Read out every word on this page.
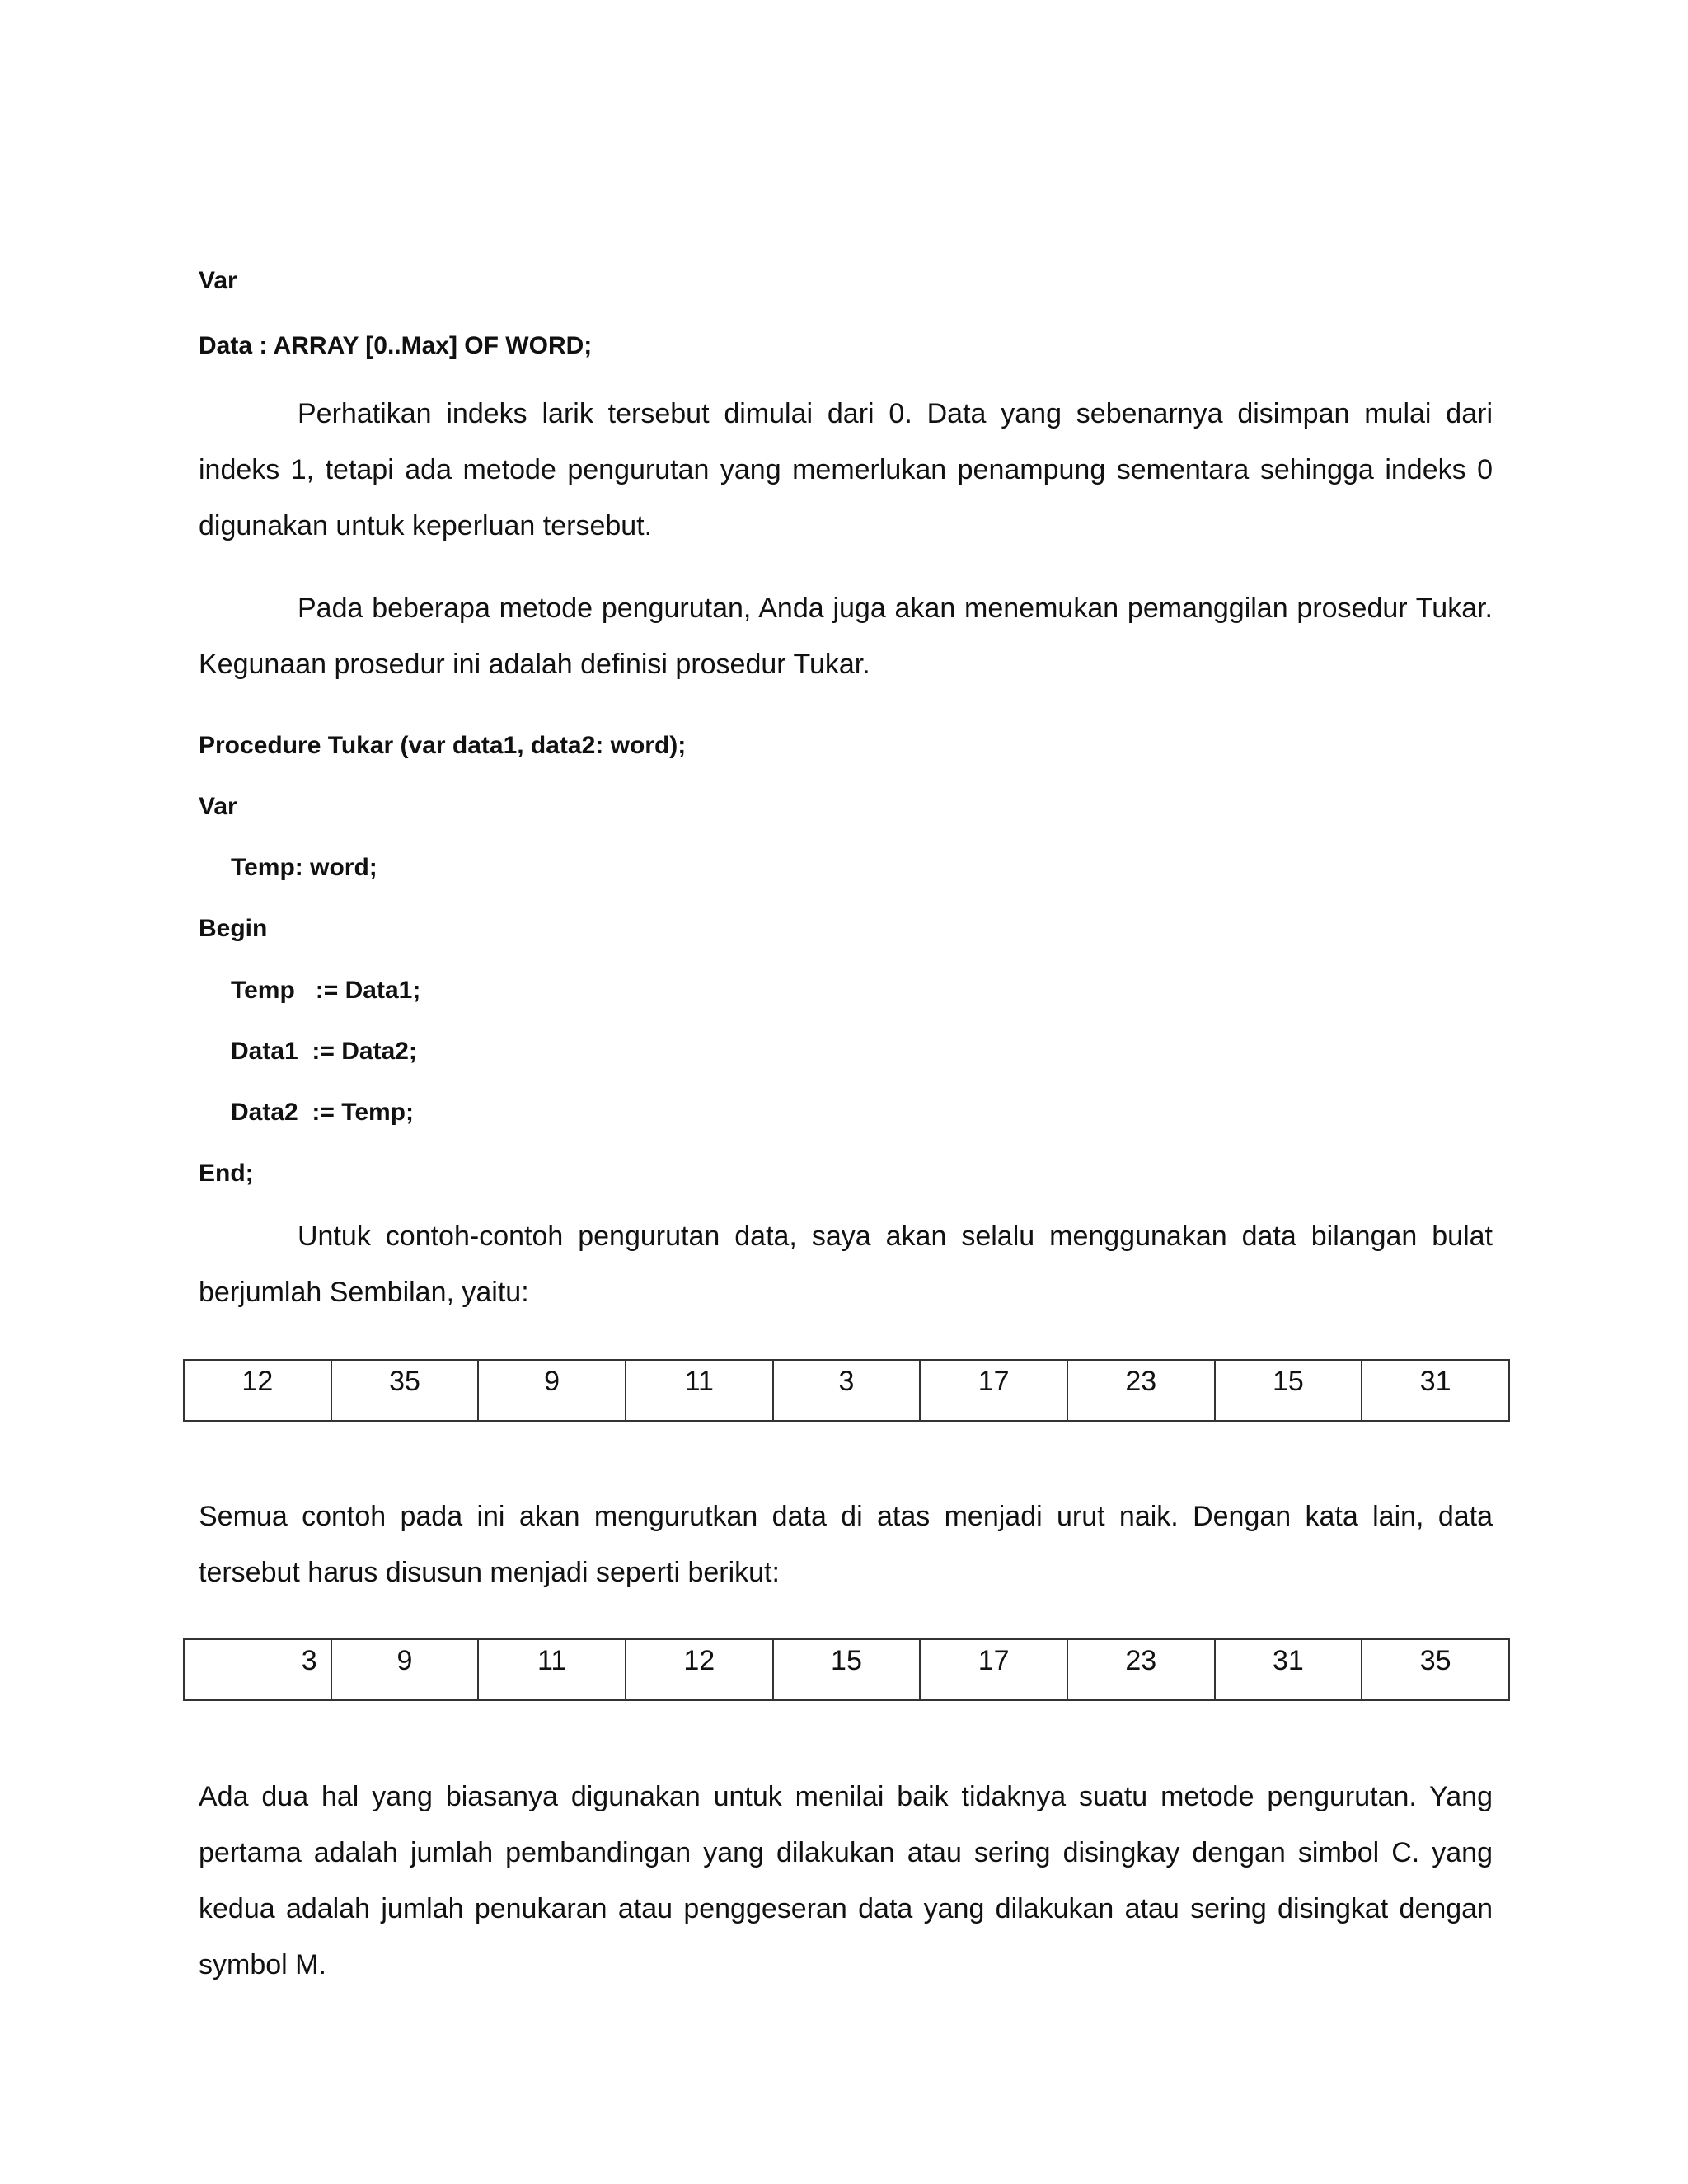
Var

Data : ARRAY [0..Max] OF WORD;

Perhatikan indeks larik tersebut dimulai dari 0. Data yang sebenarnya disimpan mulai dari indeks 1, tetapi ada metode pengurutan yang memerlukan penampung sementara sehingga indeks 0 digunakan untuk keperluan tersebut.

Pada beberapa metode pengurutan, Anda juga akan menemukan pemanggilan prosedur Tukar. Kegunaan prosedur ini adalah definisi prosedur Tukar.

Procedure Tukar (var data1, data2: word);

Var

Temp: word;

Begin

Temp   := Data1;

Data1  := Data2;

Data2  := Temp;

End;

Untuk contoh-contoh pengurutan data, saya akan selalu menggunakan data bilangan bulat berjumlah Sembilan, yaitu:

12	35	9	11	3	17	23	15	31

Semua contoh pada ini akan mengurutkan data di atas menjadi urut naik. Dengan kata lain, data tersebut harus disusun menjadi seperti berikut:

3	9	11	12	15	17	23	31	35

Ada dua hal yang biasanya digunakan untuk menilai baik tidaknya suatu metode pengurutan. Yang pertama adalah jumlah pembandingan yang dilakukan atau sering disingkay dengan simbol C. yang kedua adalah jumlah penukaran atau penggeseran data yang dilakukan atau sering disingkat dengan symbol M.
